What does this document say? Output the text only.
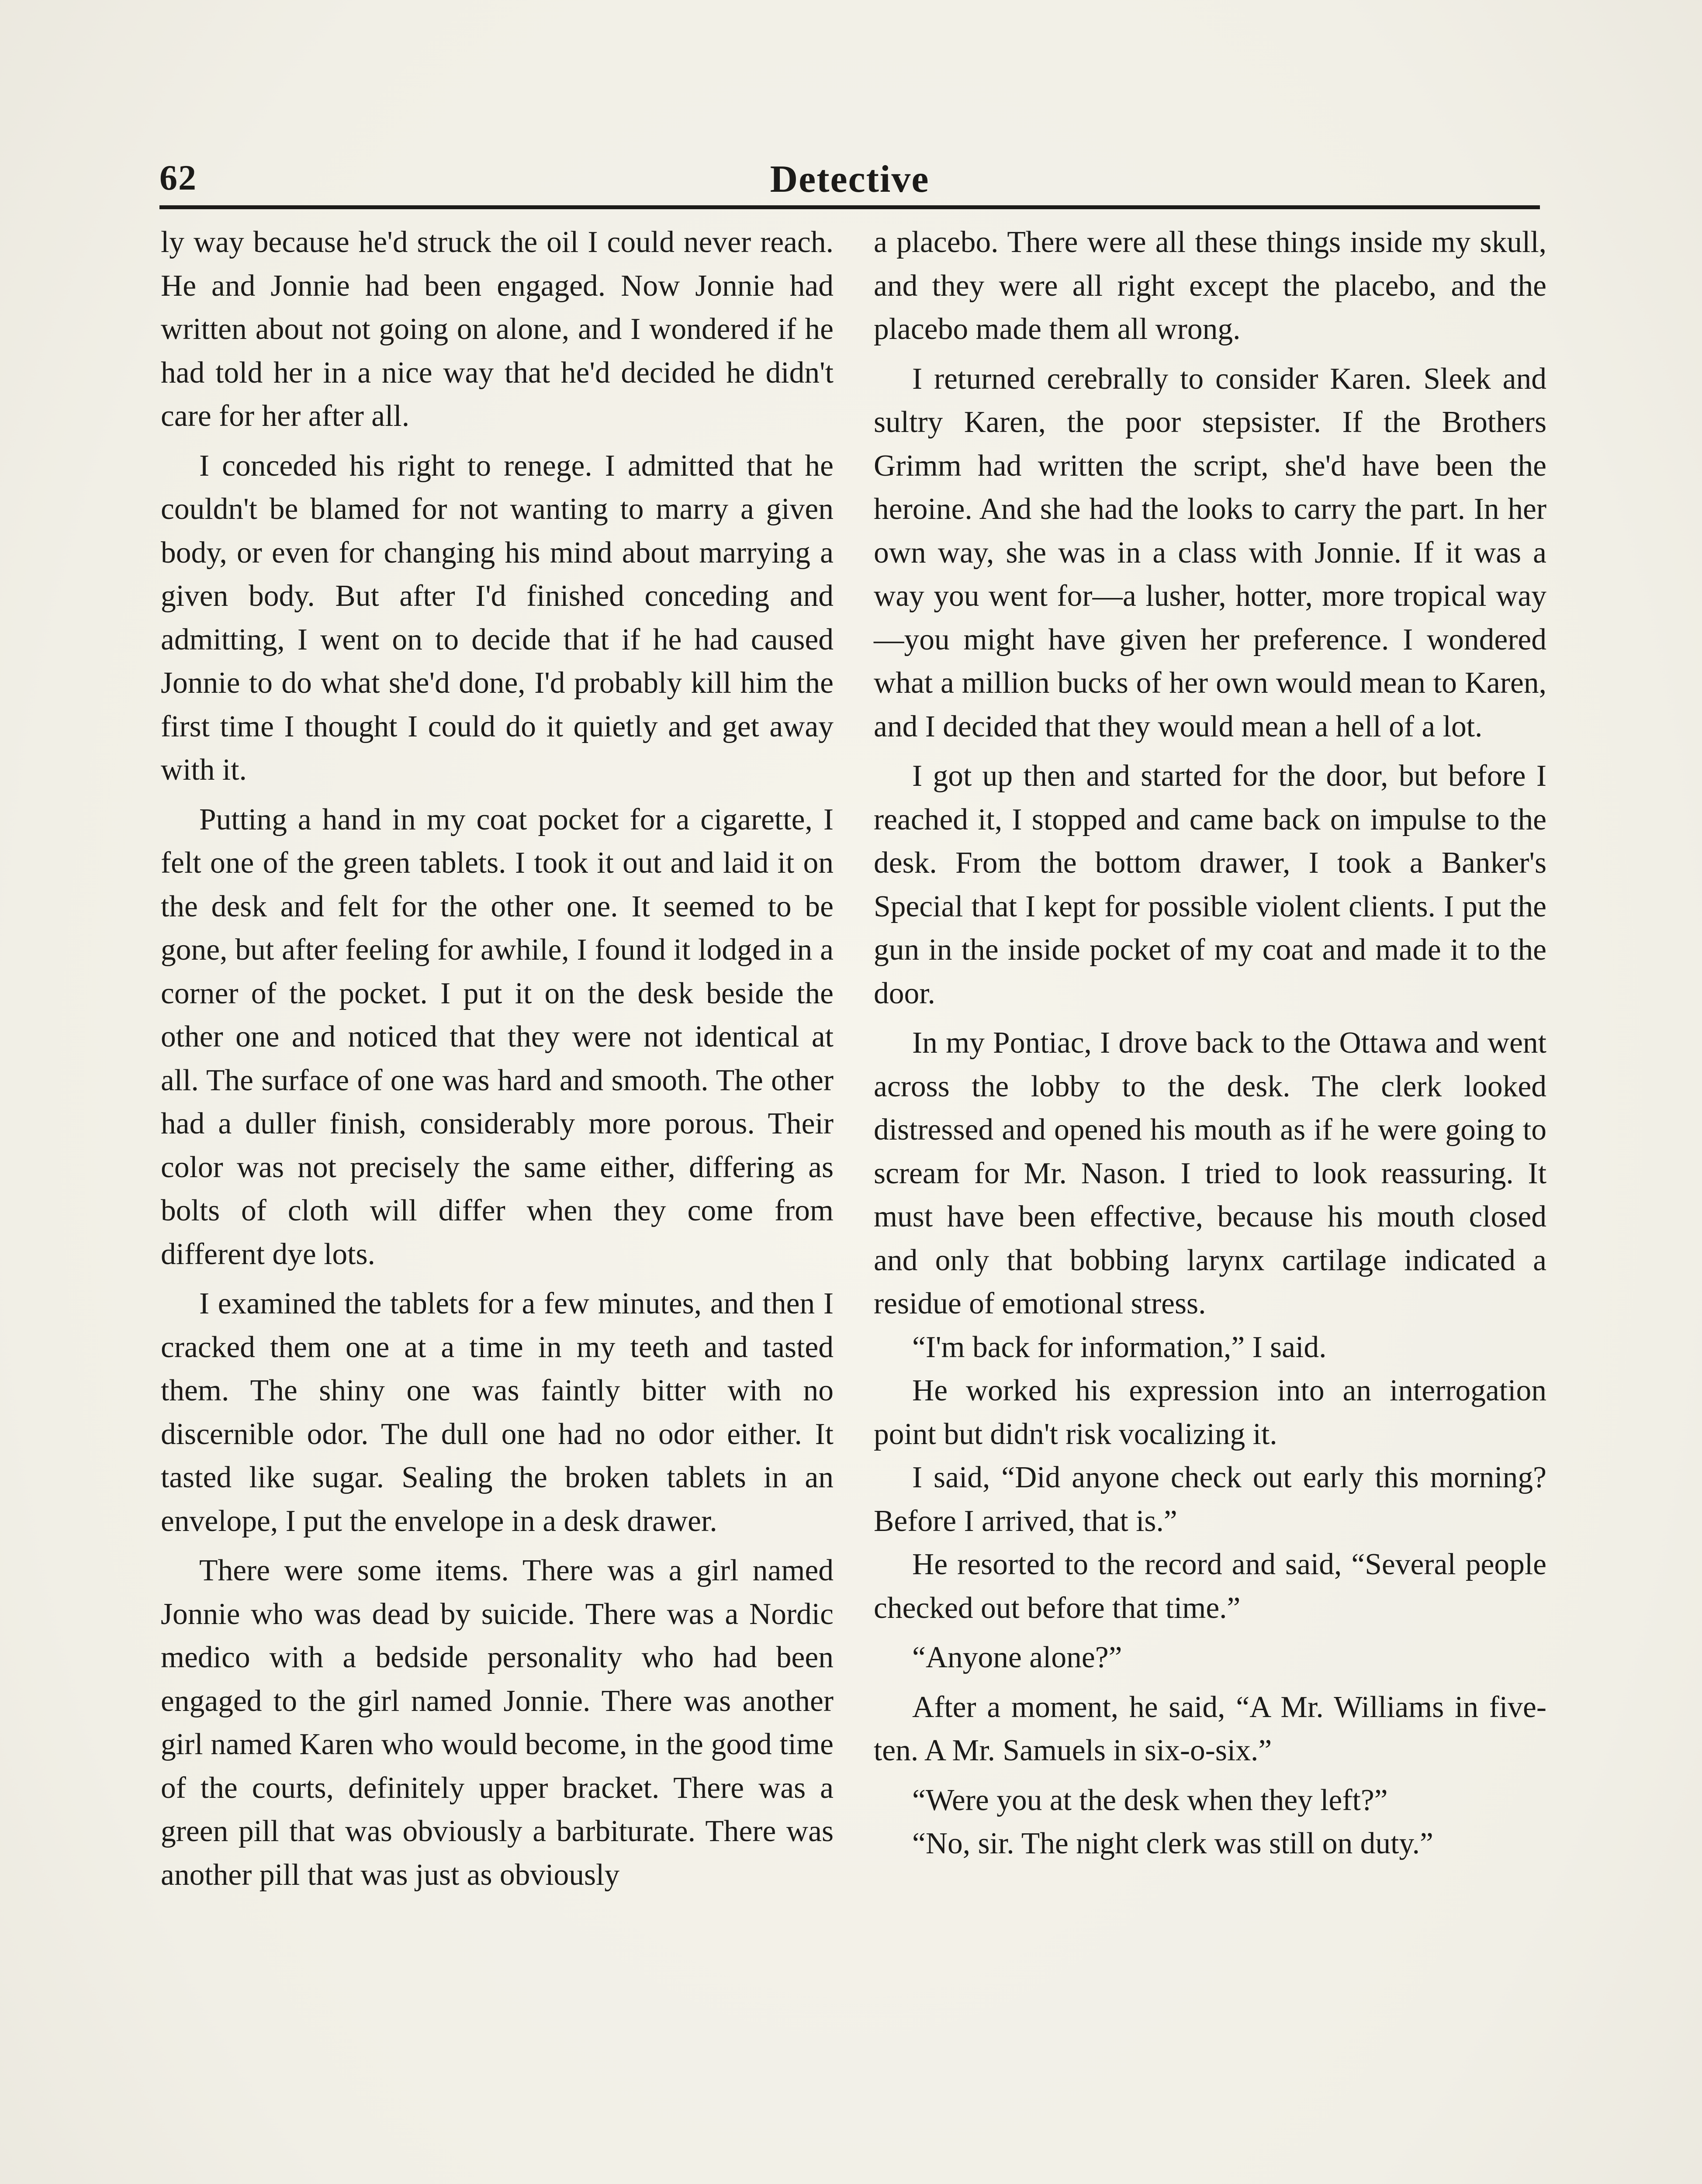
62	Detective

ly way because he'd struck the oil I could never reach. He and Jonnie had been engaged. Now Jonnie had written about not going on alone, and I wondered if he had told her in a nice way that he'd decided he didn't care for her after all.

I conceded his right to renege. I admitted that he couldn't be blamed for not wanting to marry a given body, or even for changing his mind about marrying a given body. But after I'd finished conceding and admitting, I went on to decide that if he had caused Jonnie to do what she'd done, I'd probably kill him the first time I thought I could do it quietly and get away with it.

Putting a hand in my coat pocket for a cigarette, I felt one of the green tablets. I took it out and laid it on the desk and felt for the other one. It seemed to be gone, but after feeling for awhile, I found it lodged in a corner of the pocket. I put it on the desk beside the other one and noticed that they were not identical at all. The surface of one was hard and smooth. The other had a duller finish, considerably more porous. Their color was not precisely the same either, differing as bolts of cloth will differ when they come from different dye lots.

I examined the tablets for a few minutes, and then I cracked them one at a time in my teeth and tasted them. The shiny one was faintly bitter with no discernible odor. The dull one had no odor either. It tasted like sugar. Sealing the broken tablets in an envelope, I put the envelope in a desk drawer.

There were some items. There was a girl named Jonnie who was dead by suicide. There was a Nordic medico with a bedside personality who had been engaged to the girl named Jonnie. There was another girl named Karen who would become, in the good time of the courts, definitely upper bracket. There was a green pill that was obviously a barbiturate. There was another pill that was just as obviously

a placebo. There were all these things inside my skull, and they were all right except the placebo, and the placebo made them all wrong.

I returned cerebrally to consider Karen. Sleek and sultry Karen, the poor stepsister. If the Brothers Grimm had written the script, she'd have been the heroine. And she had the looks to carry the part. In her own way, she was in a class with Jonnie. If it was a way you went for—a lusher, hotter, more tropical way—you might have given her preference. I wondered what a million bucks of her own would mean to Karen, and I decided that they would mean a hell of a lot.

I got up then and started for the door, but before I reached it, I stopped and came back on impulse to the desk. From the bottom drawer, I took a Banker's Special that I kept for possible violent clients. I put the gun in the inside pocket of my coat and made it to the door.

In my Pontiac, I drove back to the Ottawa and went across the lobby to the desk. The clerk looked distressed and opened his mouth as if he were going to scream for Mr. Nason. I tried to look reassuring. It must have been effective, because his mouth closed and only that bobbing larynx cartilage indicated a residue of emotional stress.

“I'm back for information,” I said.

He worked his expression into an interrogation point but didn't risk vocalizing it.

I said, “Did anyone check out early this morning? Before I arrived, that is.”

He resorted to the record and said, “Several people checked out before that time.”

“Anyone alone?”

After a moment, he said, “A Mr. Williams in five-ten. A Mr. Samuels in six-o-six.”

“Were you at the desk when they left?”

“No, sir. The night clerk was still on duty.”
